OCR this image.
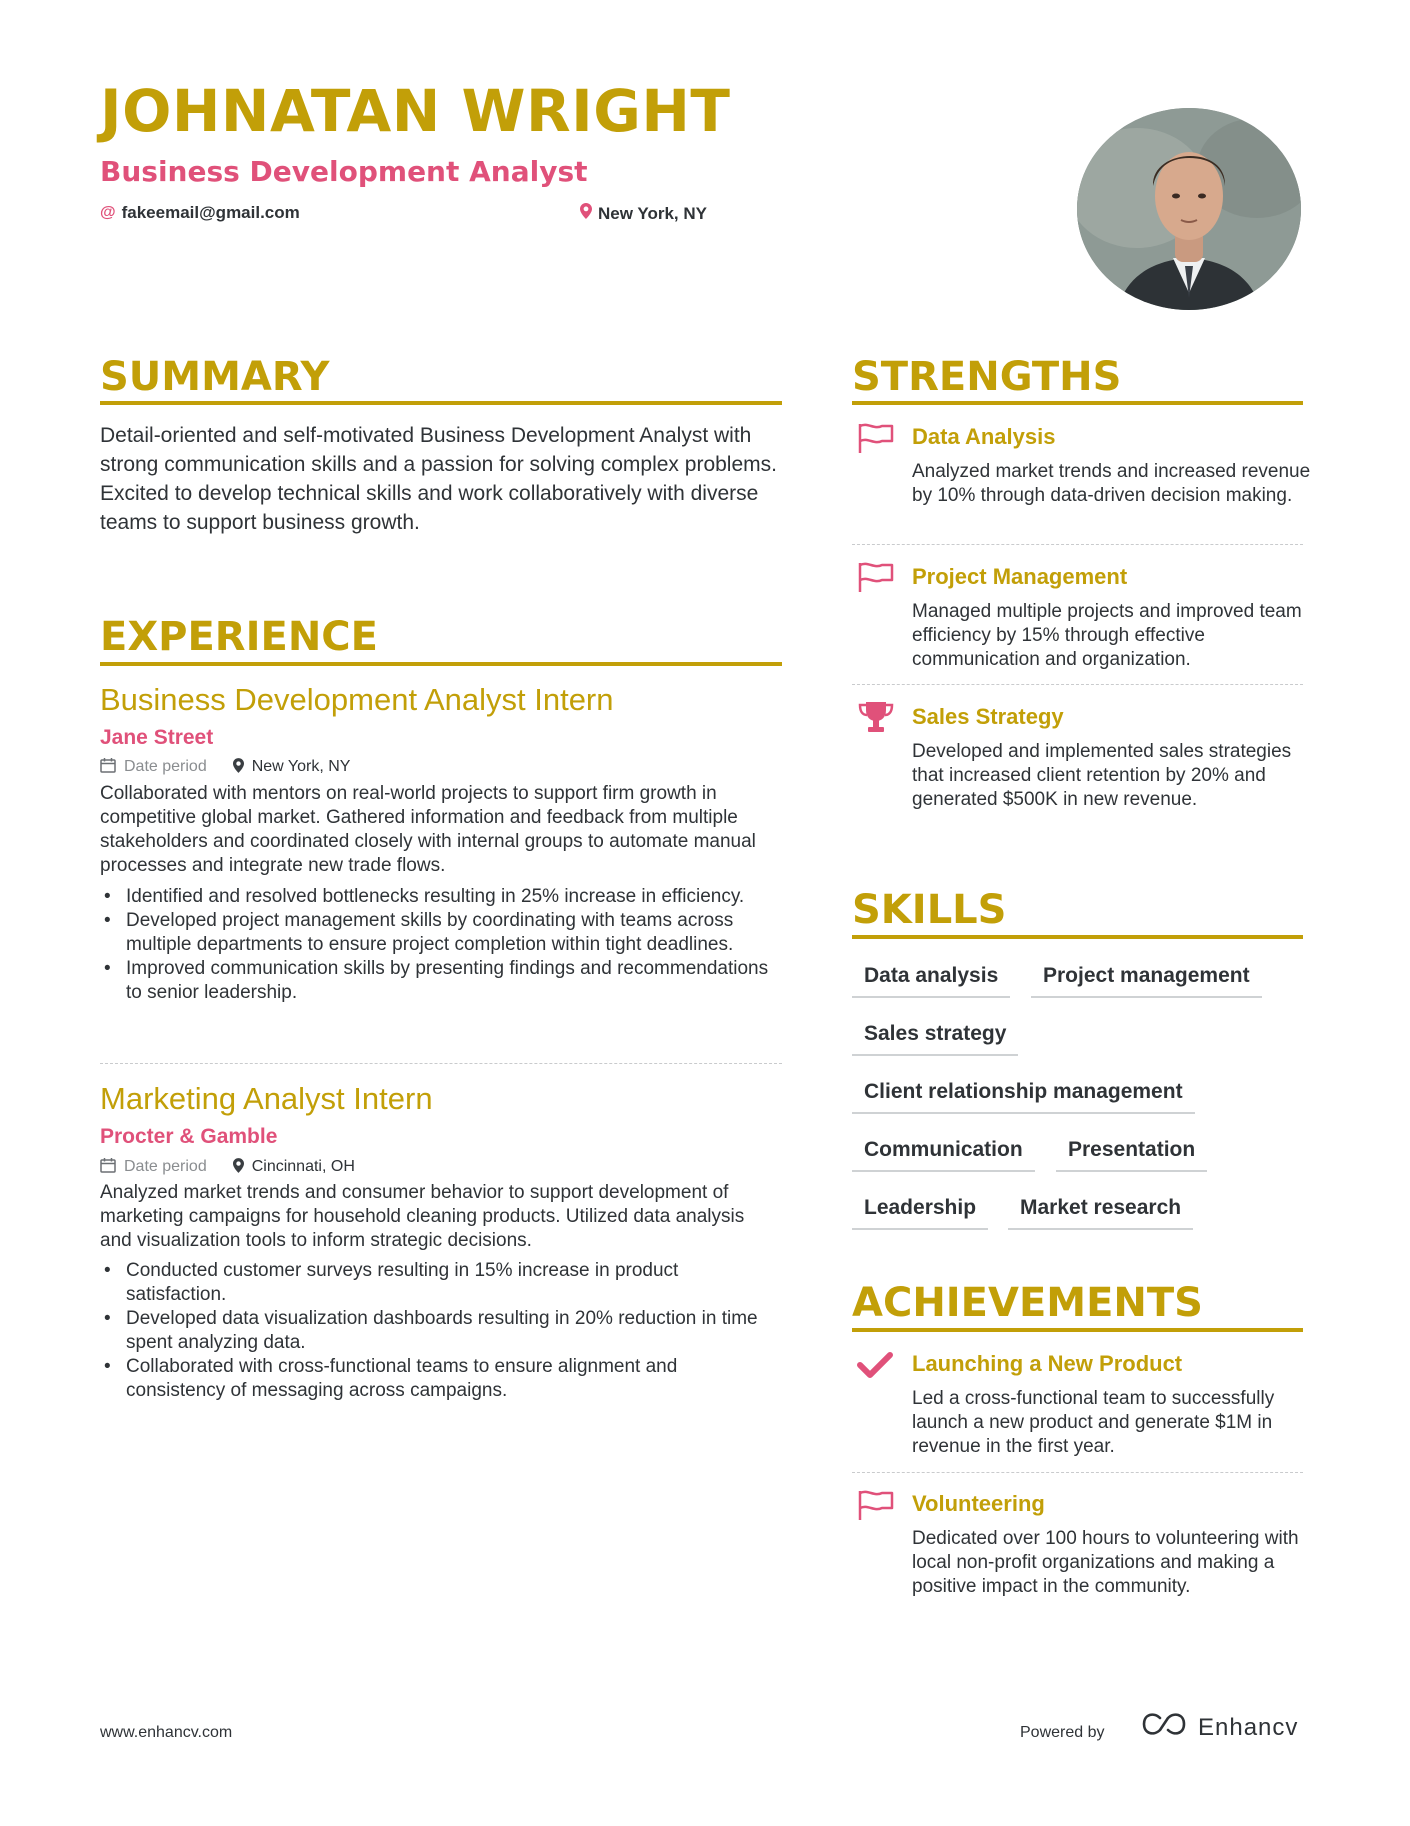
JOHNATAN WRIGHT
Business Development Analyst
@ fakeemail@gmail.com	New York, NY
SUMMARY
Detail-oriented and self-motivated Business Development Analyst with strong communication skills and a passion for solving complex problems. Excited to develop technical skills and work collaboratively with diverse teams to support business growth.
EXPERIENCE
Business Development Analyst Intern
Jane Street
Date period	New York, NY
Collaborated with mentors on real-world projects to support firm growth in competitive global market. Gathered information and feedback from multiple stakeholders and coordinated closely with internal groups to automate manual processes and integrate new trade flows.
• Identified and resolved bottlenecks resulting in 25% increase in efficiency.
• Developed project management skills by coordinating with teams across multiple departments to ensure project completion within tight deadlines.
• Improved communication skills by presenting findings and recommendations to senior leadership.
Marketing Analyst Intern
Procter & Gamble
Date period	Cincinnati, OH
Analyzed market trends and consumer behavior to support development of marketing campaigns for household cleaning products. Utilized data analysis and visualization tools to inform strategic decisions.
• Conducted customer surveys resulting in 15% increase in product satisfaction.
• Developed data visualization dashboards resulting in 20% reduction in time spent analyzing data.
• Collaborated with cross-functional teams to ensure alignment and consistency of messaging across campaigns.
STRENGTHS
Data Analysis
Analyzed market trends and increased revenue by 10% through data-driven decision making.
Project Management
Managed multiple projects and improved team efficiency by 15% through effective communication and organization.
Sales Strategy
Developed and implemented sales strategies that increased client retention by 20% and generated $500K in new revenue.
SKILLS
Data analysis	Project management
Sales strategy
Client relationship management
Communication	Presentation
Leadership	Market research
ACHIEVEMENTS
Launching a New Product
Led a cross-functional team to successfully launch a new product and generate $1M in revenue in the first year.
Volunteering
Dedicated over 100 hours to volunteering with local non-profit organizations and making a positive impact in the community.
www.enhancv.com	Powered by	Enhancv
